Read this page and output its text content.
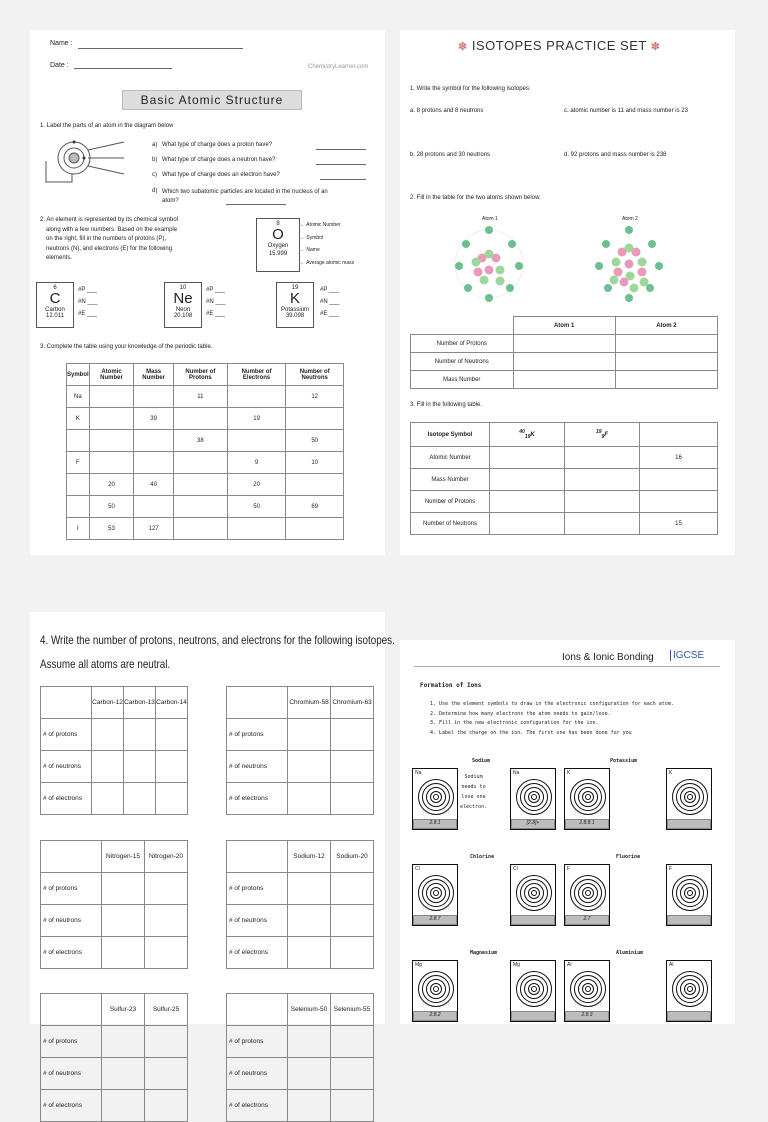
Name :
Date :	ChemistryLearner.com
Basic Atomic Structure
1. Label the parts of an atom in the diagram below
a) What type of charge does a proton have?
b) What type of charge does a neutron have?
c) What type of charge does an electron have?
d) Which two subatomic particles are located in the nucleus of an atom?
2. An element is represented by its chemical symbol
along with a few numbers. Based on the example
on the right, fill in the numbers of protons (P),
neutrons (N), and electrons (E) for the following
elements.
8
O
Oxygen
15.999
← Atomic Number
← Symbol
← Name
← Average atomic mass
6
C
Carbon
12.011
#P ___
#N ___
#E ___
10
Ne
Neon
20.108
#P ___
#N ___
#E ___
19
K
Potassium
39.098
#P ___
#N ___
#E ___
3. Complete the table using your knowledge of the periodic table.
Symbol	Atomic Number	Mass Number	Number of Protons	Number of Electrons	Number of Neutrons
Na			11		12
K		39		19	
			38		50
F				9	10
	20	40		20	
	50			50	69
I	53	127			
✽ ISOTOPES PRACTICE SET ✽
1. Write the symbol for the following isotopes:
a. 8 protons and 8 neutrons	c. atomic number is 11 and mass number is 23
b. 28 protons and 30 neutrons	d. 92 protons and mass number is 238
2. Fill in the table for the two atoms shown below.
Atom 1	Atom 2
	Atom 1	Atom 2
Number of Protons		
Number of Neutrons		
Mass Number		
3. Fill in the following table.
Isotope Symbol	$^{40}_{19}$K	$^{19}_9$F	
Atomic Number			16
Mass Number			
Number of Protons			
Number of Neutrons			15
4. Write the number of protons, neutrons, and electrons for the following isotopes.
Assume all atoms are neutral.
	Carbon-12	Carbon-13	Carbon-14
# of protons			
# of neutrons			
# of electrons			
	Chromium-58	Chromium-63
# of protons		
# of neutrons		
# of electrons		
	Nitrogen-15	Nitrogen-20
# of protons		
# of neutrons		
# of electrons		
	Sodium-12	Sodium-20
# of protons		
# of neutrons		
# of electrons		
	Sulfur-23	Sulfur-25
# of protons		
# of neutrons		
# of electrons		
	Selenium-50	Selenium-55
# of protons		
# of neutrons		
# of electrons		
Ions & Ionic Bonding	IGCSE
Formation of Ions
1. Use the element symbols to draw in the electronic configuration for each atom.
2. Determine how many electrons the atom needs to gain/lose.
3. Fill in the new electronic configuration for the ion.
4. Label the charge on the ion. The first one has been done for you
Sodium	Potassium
Chlorine	Fluorine
Magnesium	Aluminium
Na
2.8.1
Na
[2.8]+
K
2.8.8.1
K
Cl
2.8.7
Cl	F
2.7
F
Mg
2.8.2
Mg	Al
2.8.3
Al
Sodium
needs to
lose one
electron.
